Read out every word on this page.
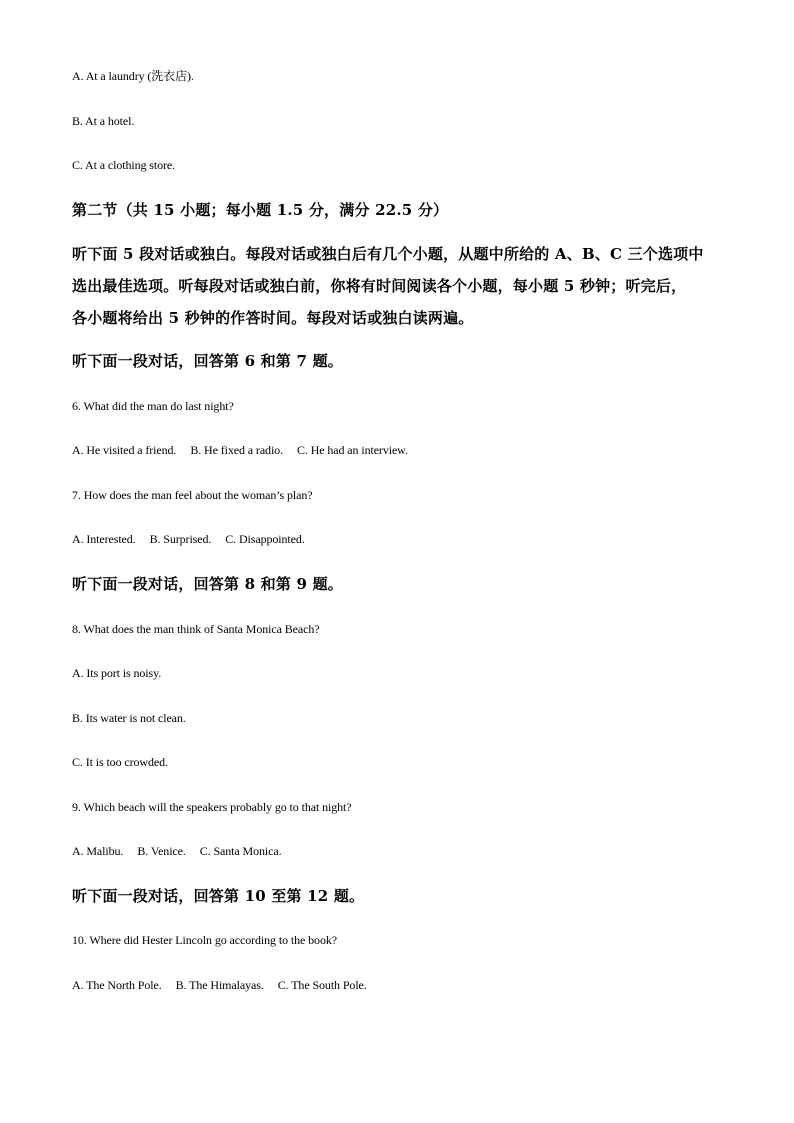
A. At a laundry (洗衣店).
B. At a hotel.
C. At a clothing store.
第二节（共 15 小题；每小题 1.5 分，满分 22.5 分）
听下面 5 段对话或独白。每段对话或独白后有几个小题，从题中所给的 A、B、C 三个选项中
选出最佳选项。听每段对话或独白前，你将有时间阅读各个小题，每小题 5 秒钟；听完后，
各小题将给出 5 秒钟的作答时间。每段对话或独白读两遍。
听下面一段对话，回答第 6 和第 7 题。
6. What did the man do last night?
A. He visited a friend. B. He fixed a radio. C. He had an interview.
7. How does the man feel about the woman’s plan?
A. Interested. B. Surprised. C. Disappointed.
听下面一段对话，回答第 8 和第 9 题。
8. What does the man think of Santa Monica Beach?
A. Its port is noisy.
B. Its water is not clean.
C. It is too crowded.
9. Which beach will the speakers probably go to that night?
A. Malibu. B. Venice. C. Santa Monica.
听下面一段对话，回答第 10 至第 12 题。
10. Where did Hester Lincoln go according to the book?
A. The North Pole. B. The Himalayas. C. The South Pole.
